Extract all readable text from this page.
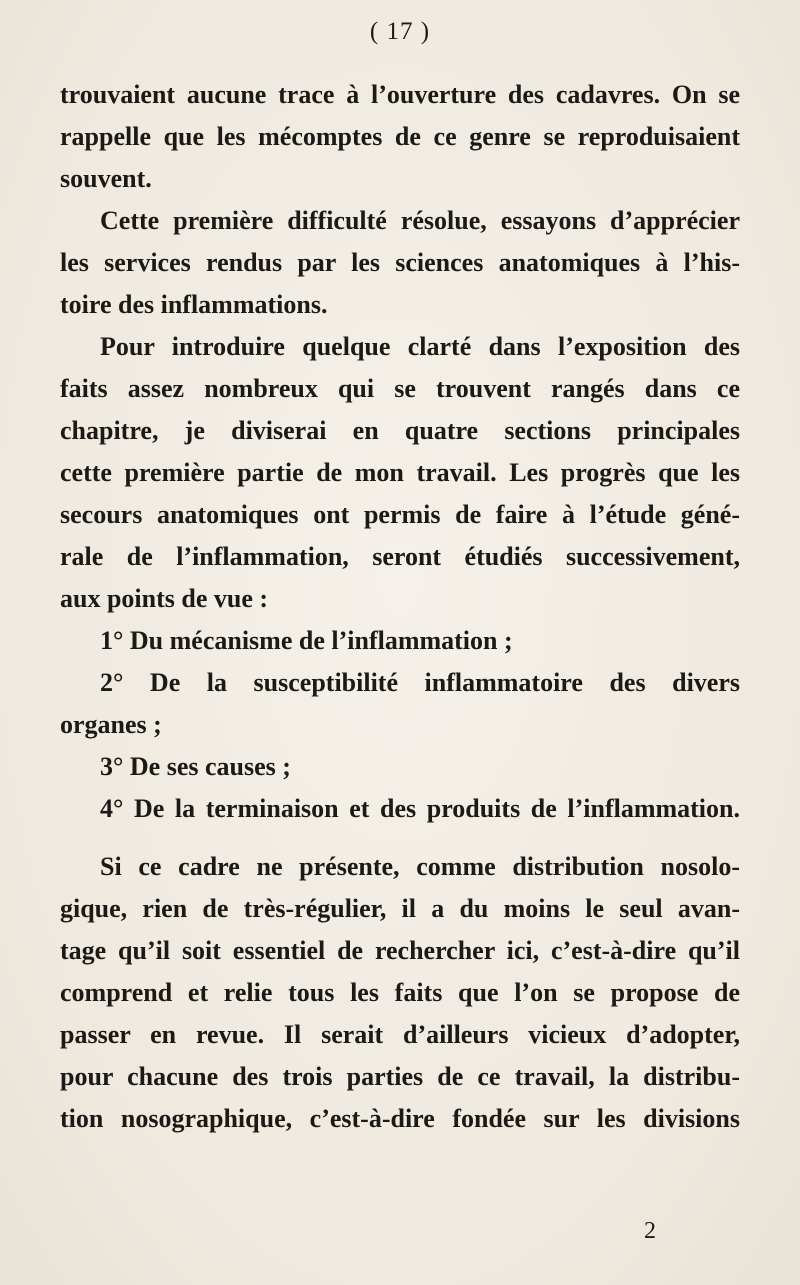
( 17 )
trouvaient aucune trace à l’ouverture des cadavres. On se
rappelle que les mécomptes de ce genre se reproduisaient
souvent.
Cette première difficulté résolue, essayons d’apprécier
les services rendus par les sciences anatomiques à l’his-
toire des inflammations.
Pour introduire quelque clarté dans l’exposition des
faits assez nombreux qui se trouvent rangés dans ce
chapitre, je diviserai en quatre sections principales
cette première partie de mon travail. Les progrès que les
secours anatomiques ont permis de faire à l’étude géné-
rale de l’inflammation, seront étudiés successivement,
aux points de vue :
1° Du mécanisme de l’inflammation ;
2° De la susceptibilité inflammatoire des divers
organes ;
3° De ses causes ;
4° De la terminaison et des produits de l’inflammation.
Si ce cadre ne présente, comme distribution nosolo-
gique, rien de très-régulier, il a du moins le seul avan-
tage qu’il soit essentiel de rechercher ici, c’est-à-dire qu’il
comprend et relie tous les faits que l’on se propose de
passer en revue. Il serait d’ailleurs vicieux d’adopter,
pour chacune des trois parties de ce travail, la distribu-
tion nosographique, c’est-à-dire fondée sur les divisions
2
